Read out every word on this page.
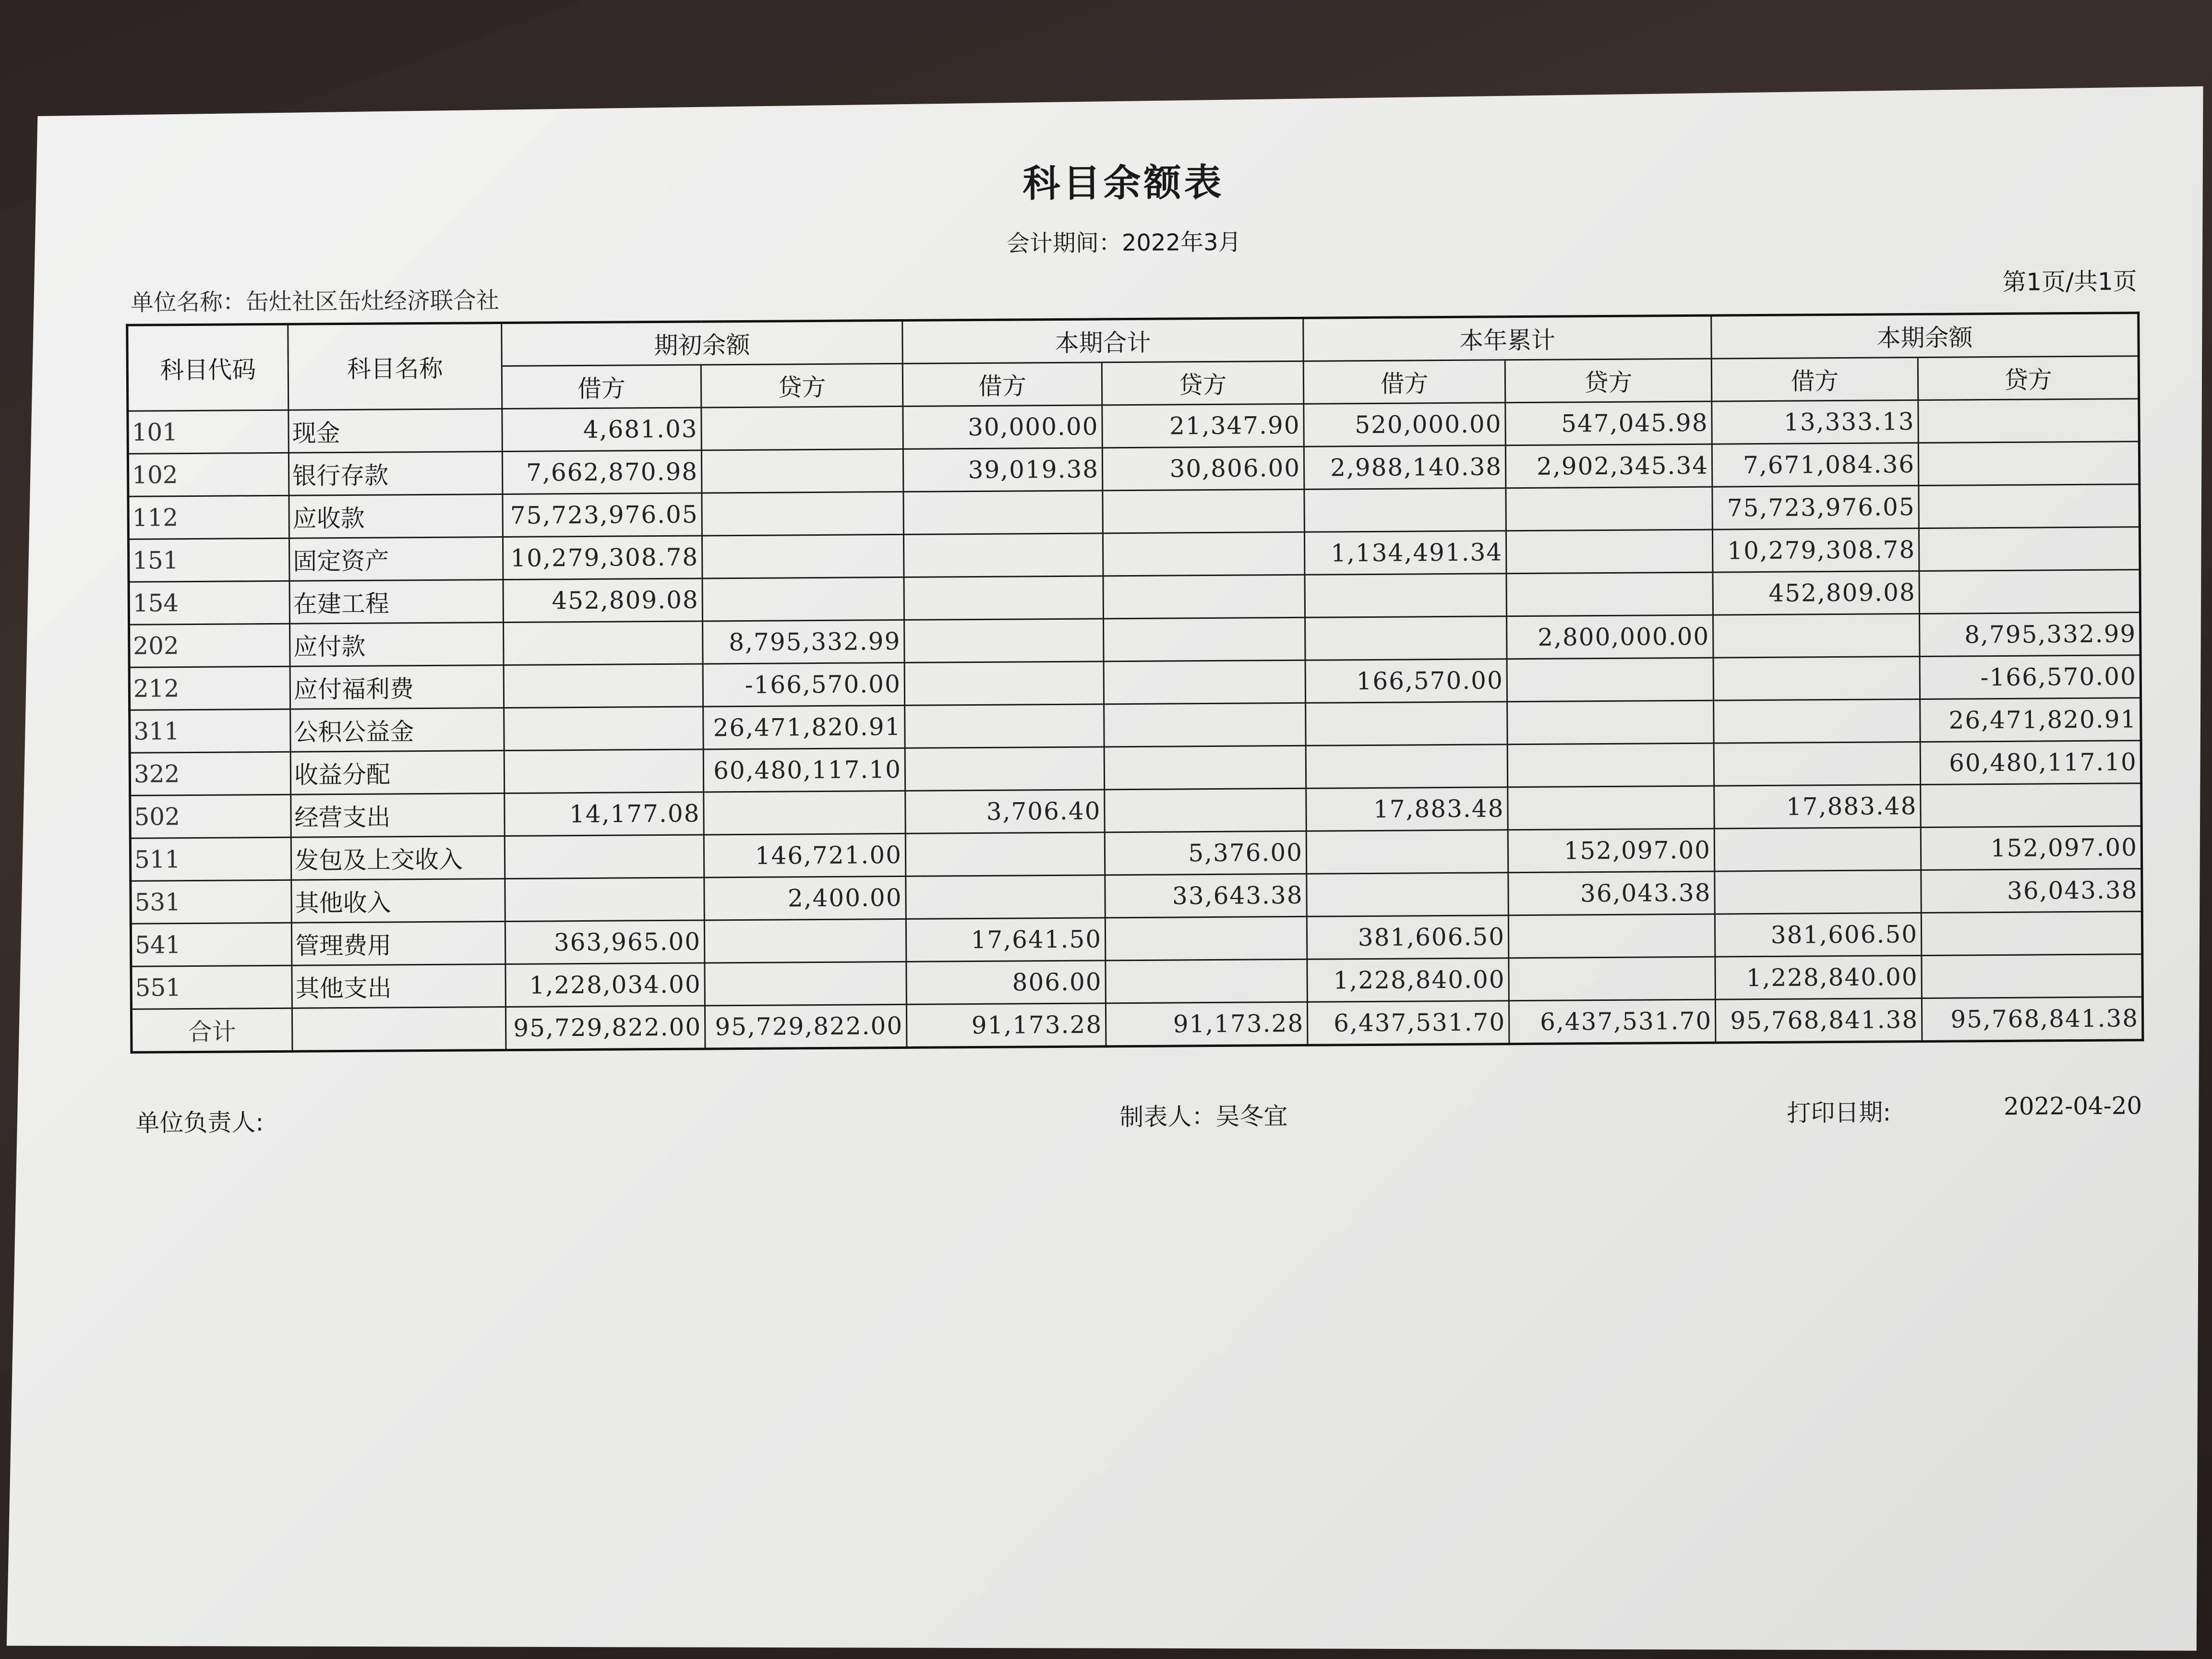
科目余额表
会计期间：2022年3月
单位名称：缶灶社区缶灶经济联合社
第1页/共1页
科目代码	科目名称	期初余额		本期合计		本年累计		本期余额	
		借方	贷方	借方	贷方	借方	贷方	借方	贷方
101	现金	4,681.03		30,000.00	21,347.90	520,000.00	547,045.98	13,333.13	
102	银行存款	7,662,870.98		39,019.38	30,806.00	2,988,140.38	2,902,345.34	7,671,084.36	
112	应收款	75,723,976.05						75,723,976.05	
151	固定资产	10,279,308.78				1,134,491.34		10,279,308.78	
154	在建工程	452,809.08						452,809.08	
202	应付款		8,795,332.99				2,800,000.00		8,795,332.99
212	应付福利费		-166,570.00			166,570.00			-166,570.00
311	公积公益金		26,471,820.91						26,471,820.91
322	收益分配		60,480,117.10						60,480,117.10
502	经营支出	14,177.08		3,706.40		17,883.48		17,883.48	
511	发包及上交收入		146,721.00		5,376.00		152,097.00		152,097.00
531	其他收入		2,400.00		33,643.38		36,043.38		36,043.38
541	管理费用	363,965.00		17,641.50		381,606.50		381,606.50	
551	其他支出	1,228,034.00		806.00		1,228,840.00		1,228,840.00	
合计		95,729,822.00	95,729,822.00	91,173.28	91,173.28	6,437,531.70	6,437,531.70	95,768,841.38	95,768,841.38
单位负责人:	制表人：吴冬宜	打印日期:	2022-04-20
